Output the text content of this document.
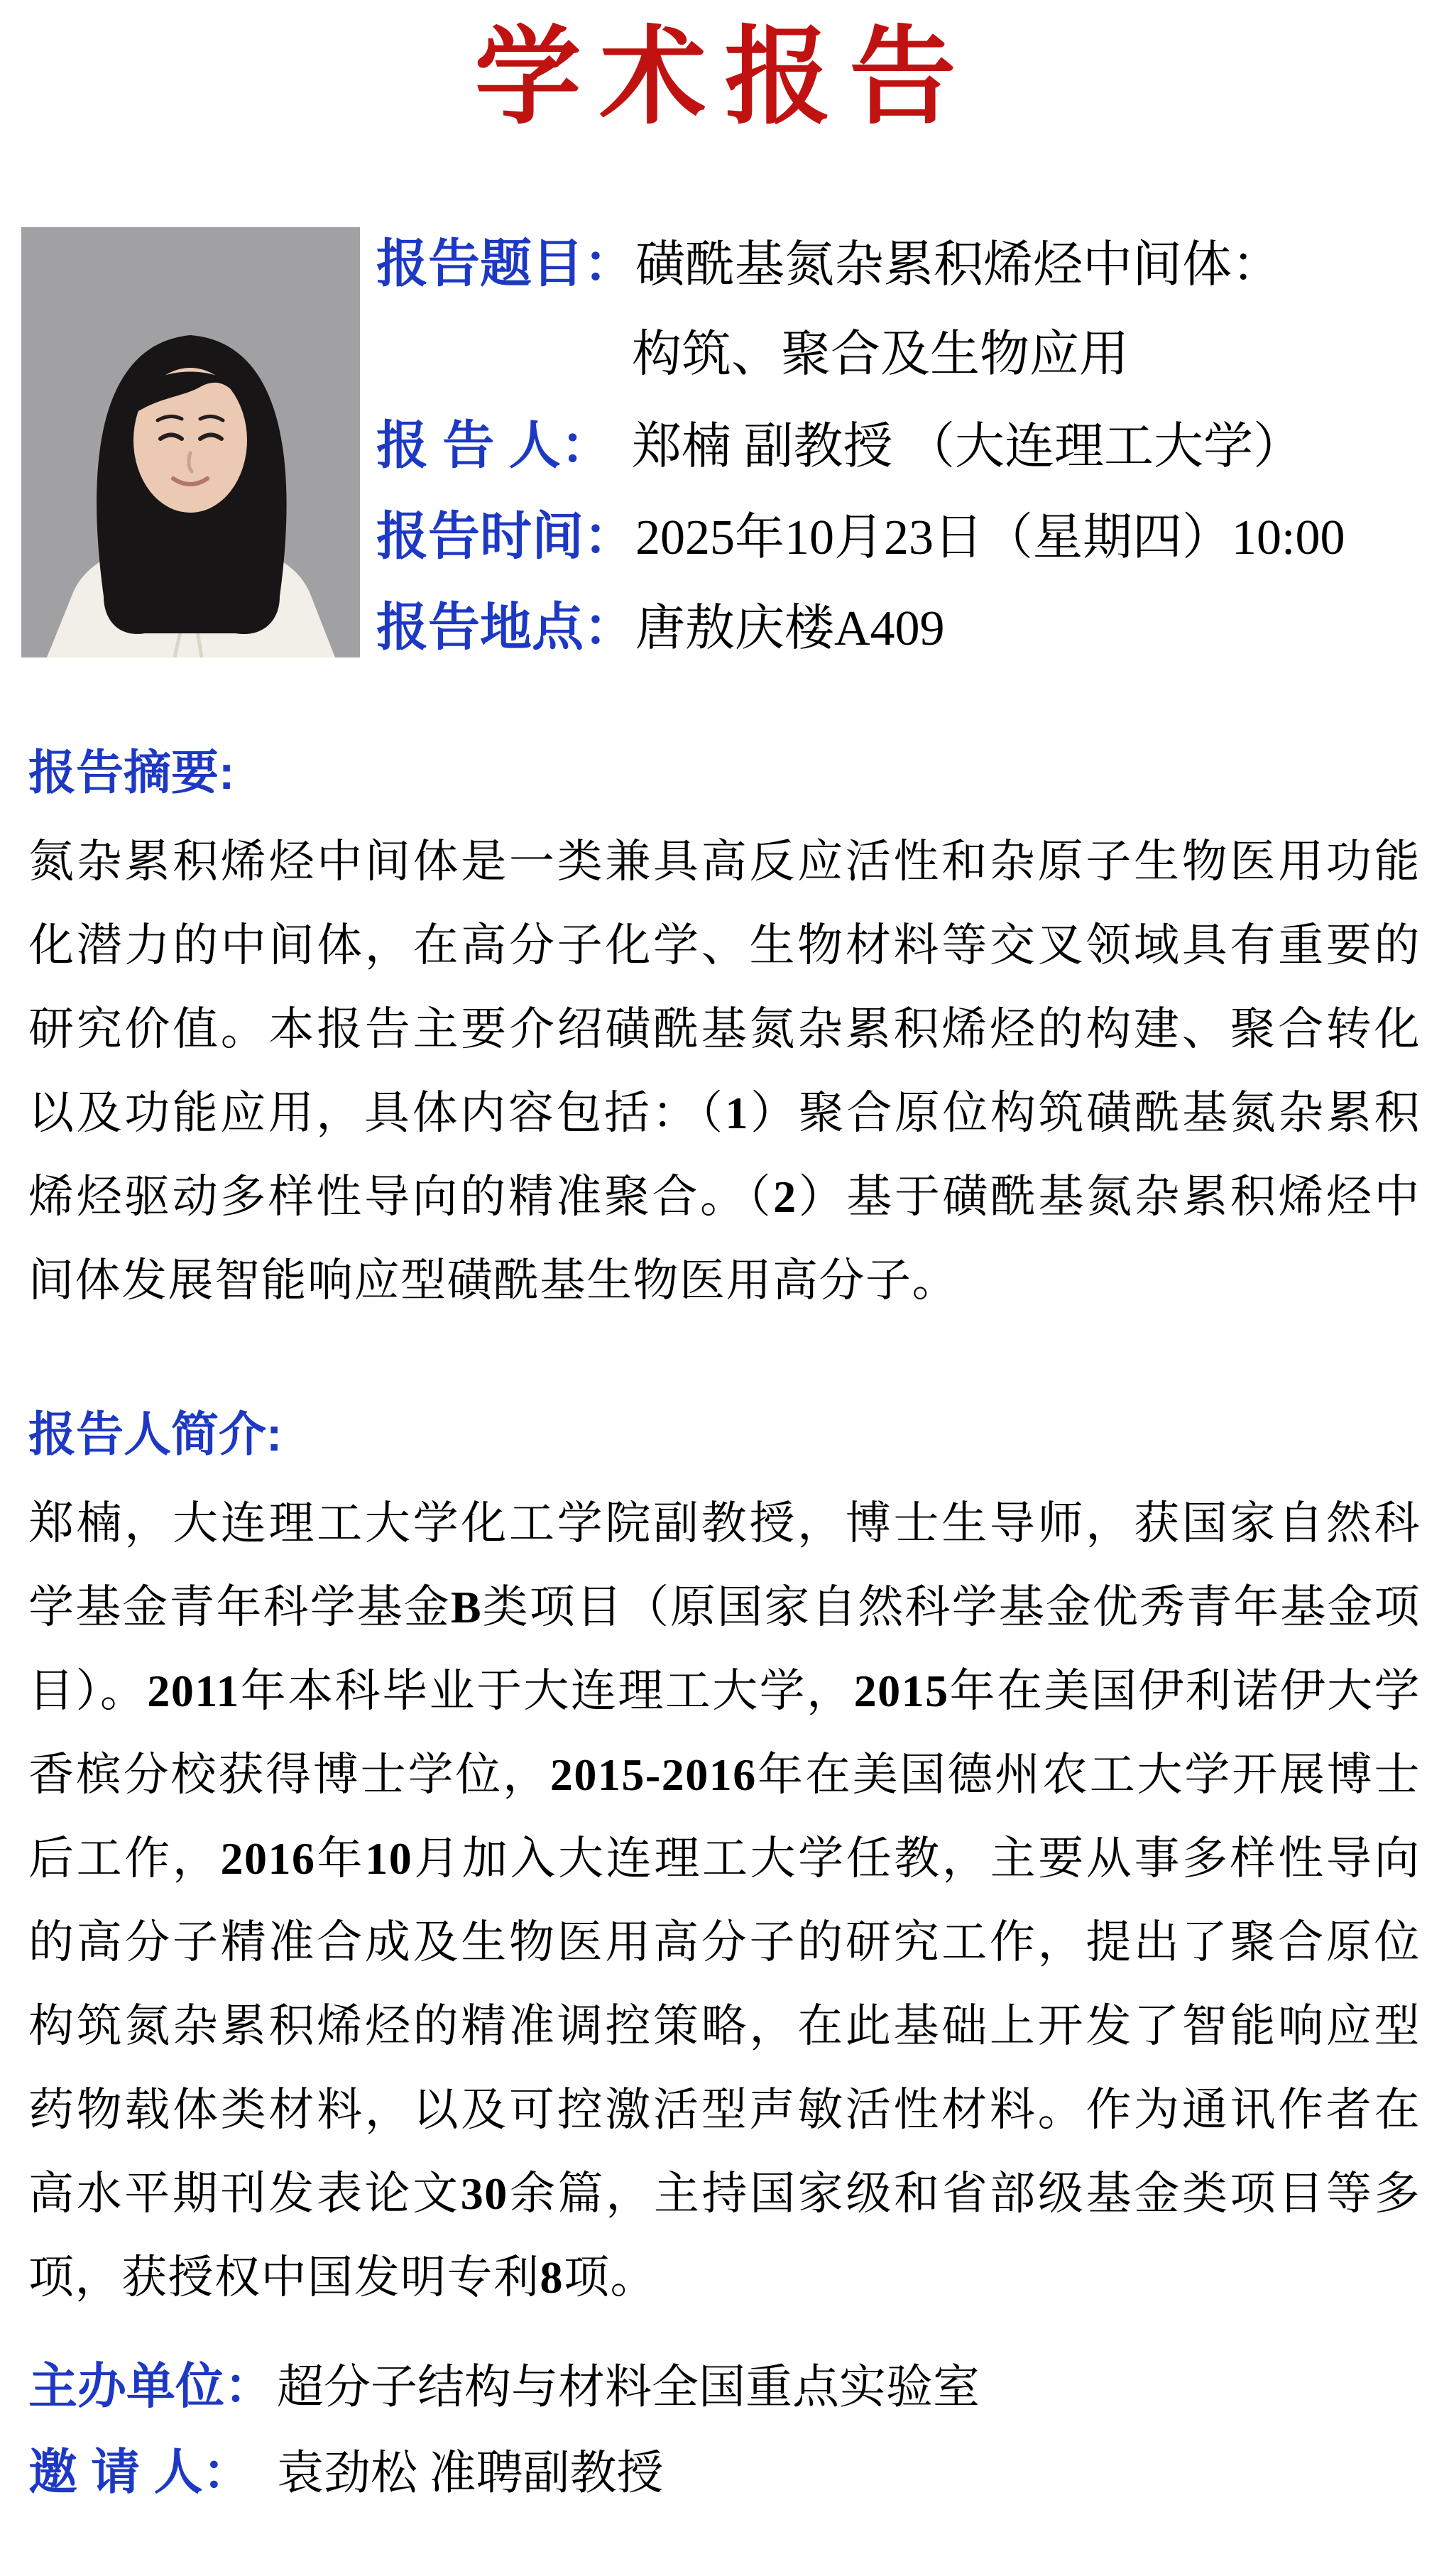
学术报告
报告题目： 磺酰基氮杂累积烯烃中间体：
构筑、聚合及生物应用
报 告 人： 郑楠 副教授 （大连理工大学）
报告时间： 2025年10月23日（星期四）10:00
报告地点： 唐敖庆楼A409
报告摘要:

氮杂累积烯烃中间体是一类兼具高反应活性和杂原子生物医用功能化潜力的中间体，在高分子化学、生物材料等交叉领域具有重要的研究价值。本报告主要介绍磺酰基氮杂累积烯烃的构建、聚合转化以及功能应用，具体内容包括：（1）聚合原位构筑磺酰基氮杂累积烯烃驱动多样性导向的精准聚合。（2）基于磺酰基氮杂累积烯烃中间体发展智能响应型磺酰基生物医用高分子。

报告人简介:

郑楠，大连理工大学化工学院副教授，博士生导师，获国家自然科学基金青年科学基金B类项目（原国家自然科学基金优秀青年基金项目）。2011年本科毕业于大连理工大学，2015年在美国伊利诺伊大学香槟分校获得博士学位，2015-2016年在美国德州农工大学开展博士后工作，2016年10月加入大连理工大学任教，主要从事多样性导向的高分子精准合成及生物医用高分子的研究工作，提出了聚合原位构筑氮杂累积烯烃的精准调控策略，在此基础上开发了智能响应型药物载体类材料，以及可控激活型声敏活性材料。作为通讯作者在高水平期刊发表论文30余篇，主持国家级和省部级基金类项目等多项，获授权中国发明专利8项。

主办单位： 超分子结构与材料全国重点实验室
邀 请 人： 袁劲松 准聘副教授
